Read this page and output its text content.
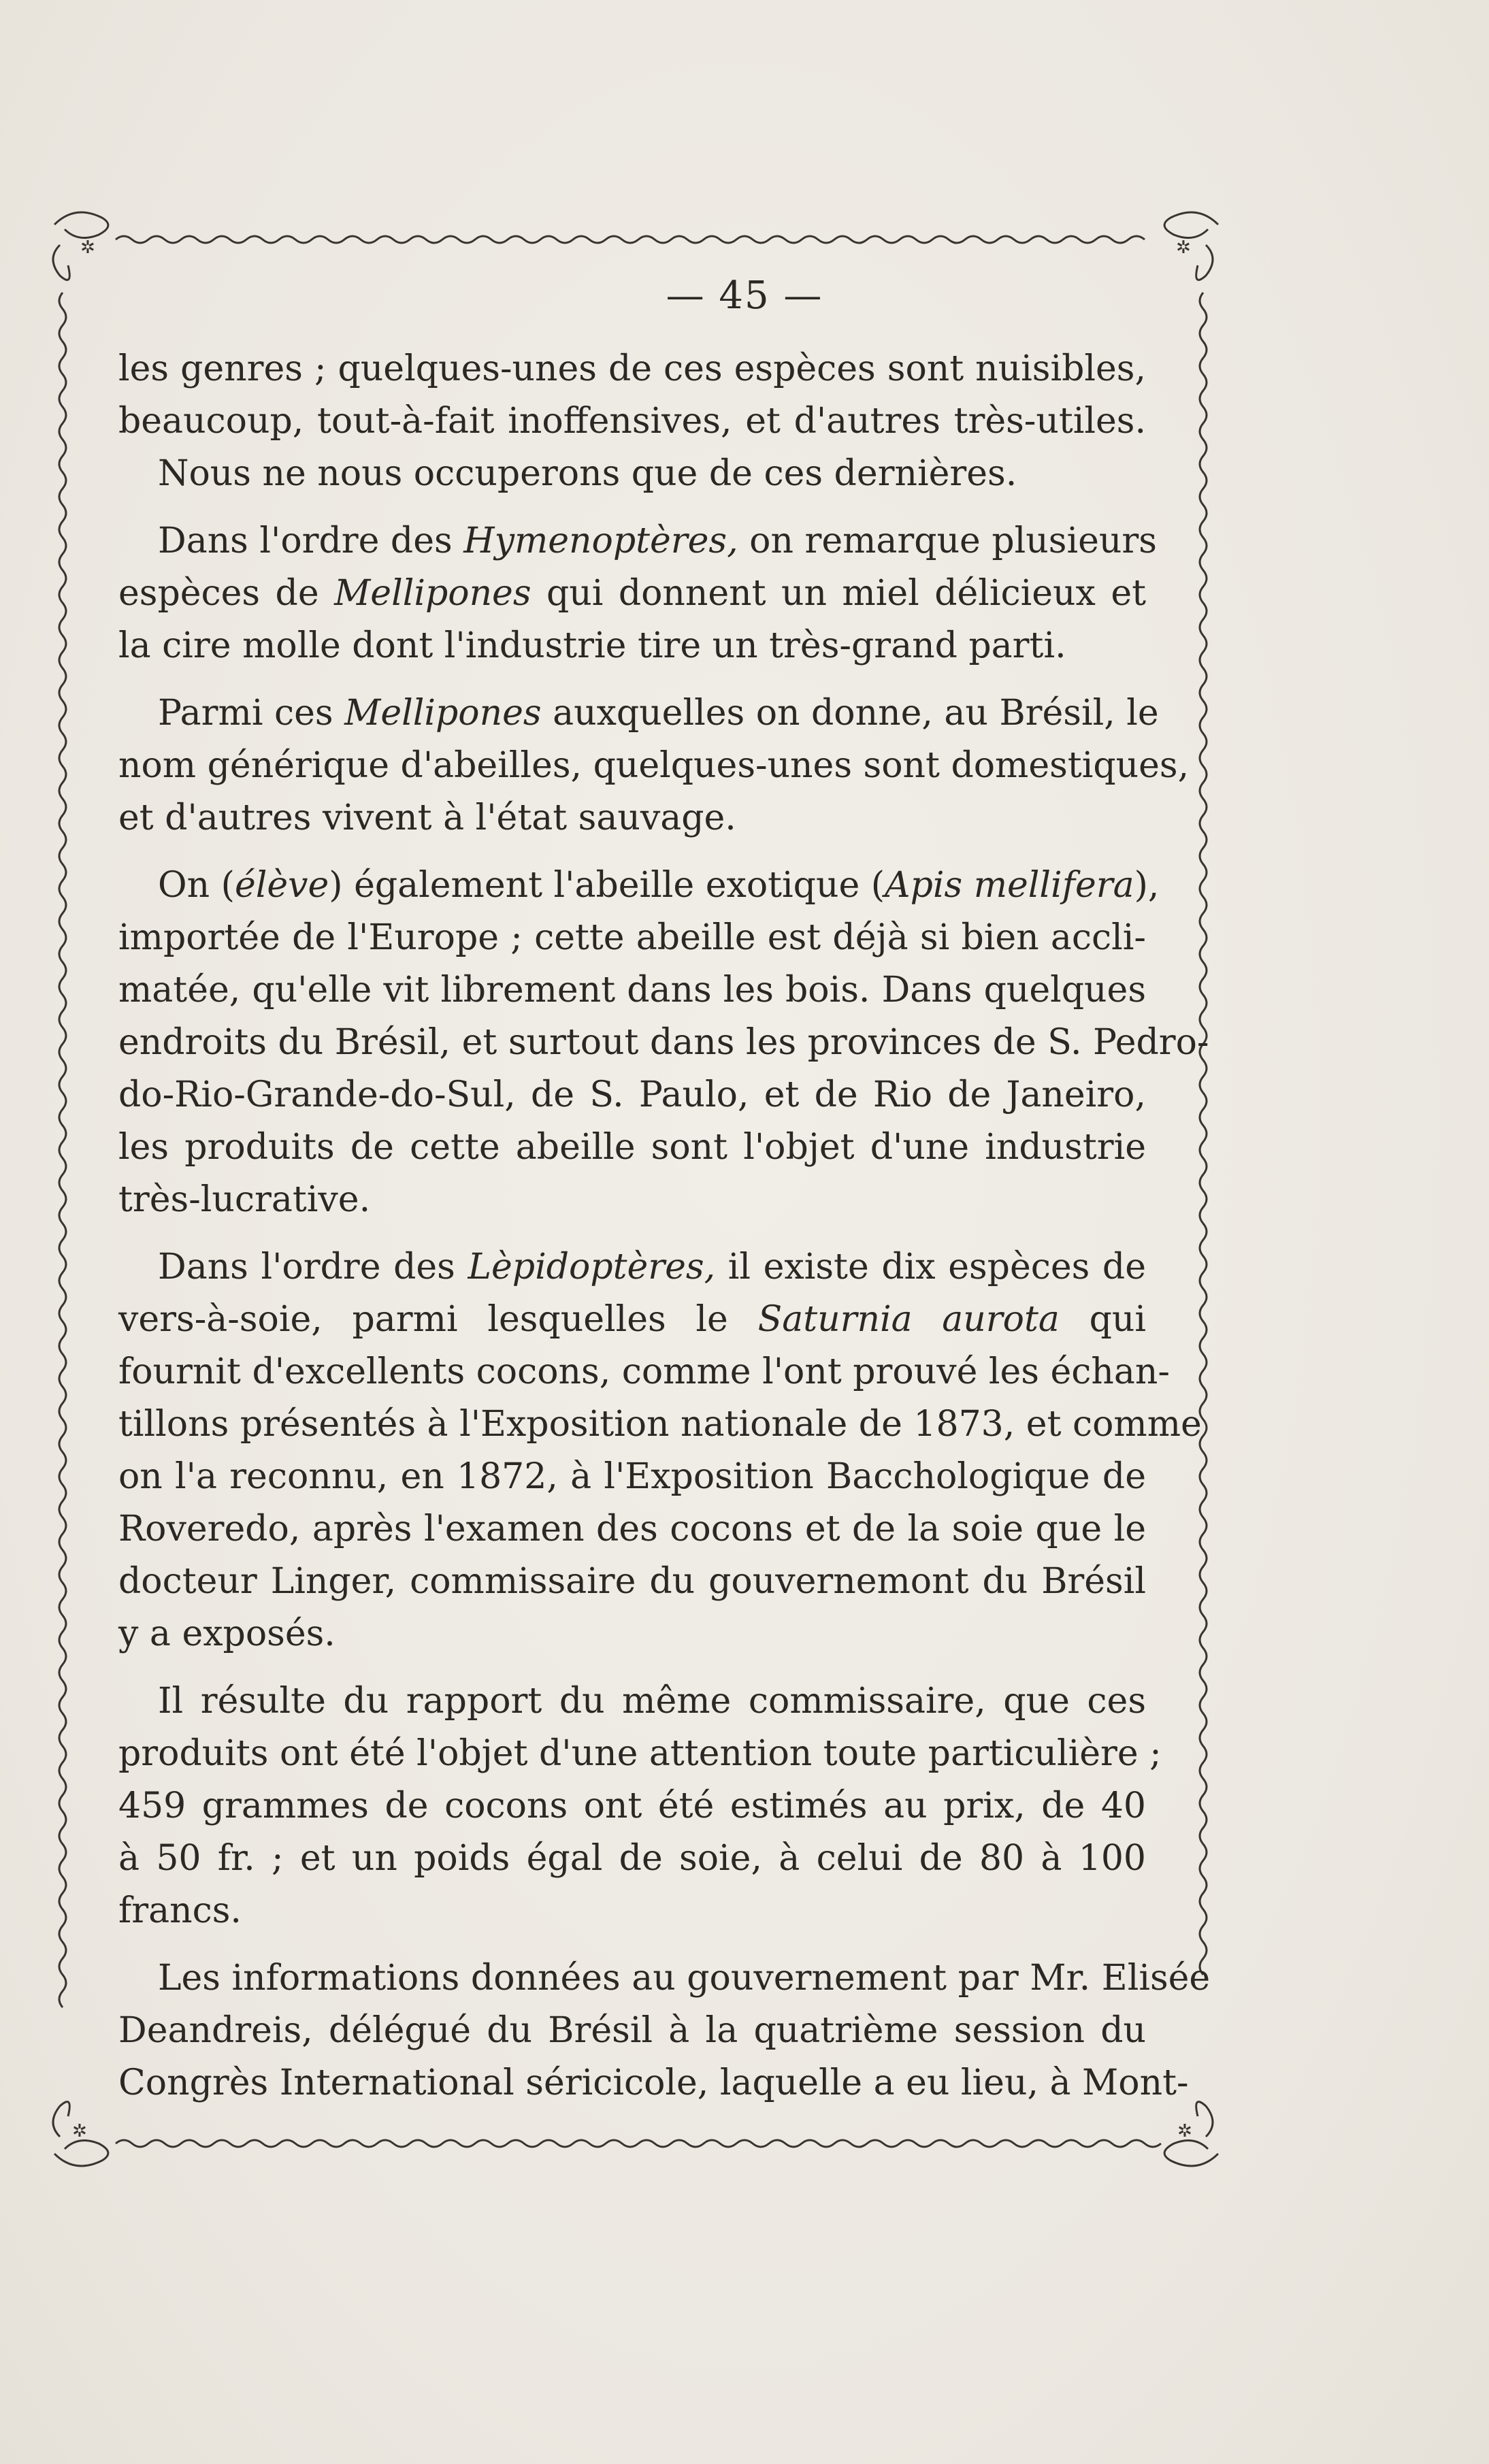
✲	✲
✲	✲
— 45 —
les genres ; quelques-unes de ces espèces sont nuisibles,
beaucoup, tout-à-fait inoffensives, et d'autres très-utiles.
Nous ne nous occuperons que de ces dernières.
Dans l'ordre des Hymenoptères, on remarque plusieurs
espèces de Mellipones qui donnent un miel délicieux et
la cire molle dont l'industrie tire un très-grand parti.
Parmi ces Mellipones auxquelles on donne, au Brésil, le
nom générique d'abeilles, quelques-unes sont domestiques,
et d'autres vivent à l'état sauvage.
On (élève) également l'abeille exotique (Apis mellifera),
importée de l'Europe ; cette abeille est déjà si bien accli-
matée, qu'elle vit librement dans les bois. Dans quelques
endroits du Brésil, et surtout dans les provinces de S. Pedro-
do-Rio-Grande-do-Sul, de S. Paulo, et de Rio de Janeiro,
les produits de cette abeille sont l'objet d'une industrie
très-lucrative.
Dans l'ordre des Lèpidoptères, il existe dix espèces de
vers-à-soie, parmi lesquelles le Saturnia aurota qui
fournit d'excellents cocons, comme l'ont prouvé les échan-
tillons présentés à l'Exposition nationale de 1873, et comme
on l'a reconnu, en 1872, à l'Exposition Bacchologique de
Roveredo, après l'examen des cocons et de la soie que le
docteur Linger, commissaire du gouvernemont du Brésil
y a exposés.
Il résulte du rapport du même commissaire, que ces
produits ont été l'objet d'une attention toute particulière ;
459 grammes de cocons ont été estimés au prix, de 40
à 50 fr. ; et un poids égal de soie, à celui de 80 à 100
francs.
Les informations données au gouvernement par Mr. Elisée
Deandreis, délégué du Brésil à la quatrième session du
Congrès International séricicole, laquelle a eu lieu, à Mont-
